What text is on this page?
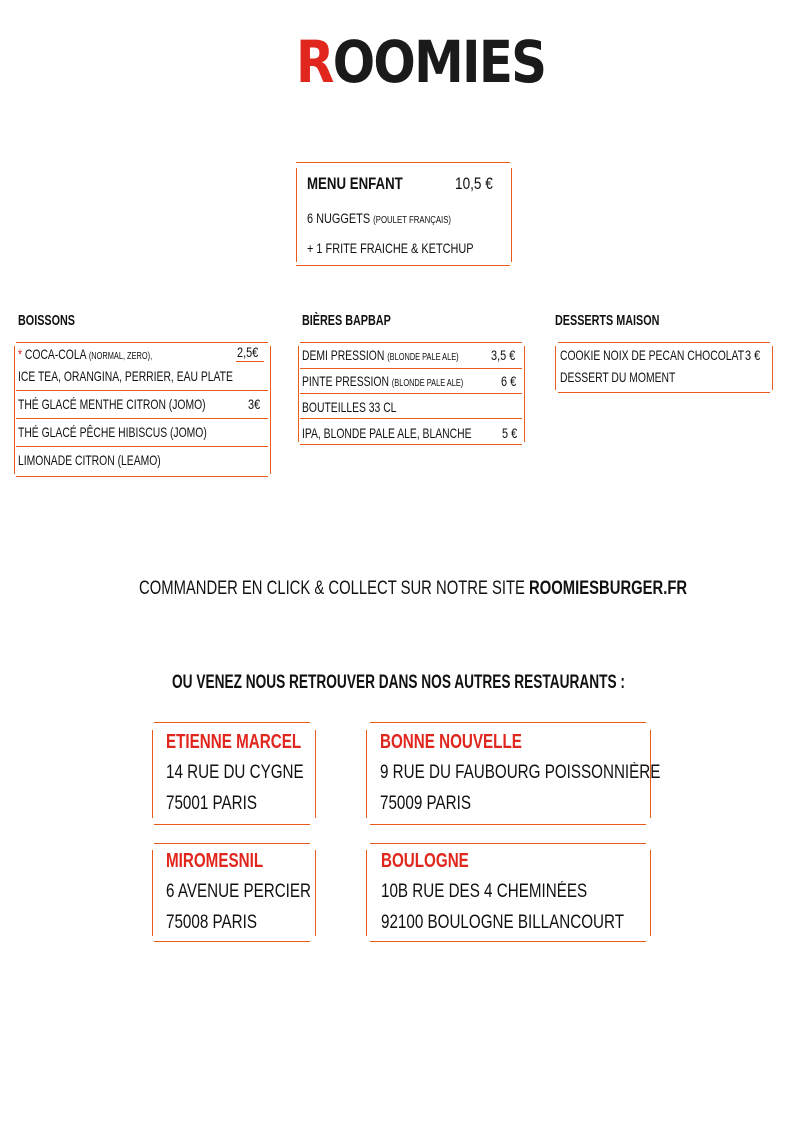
ROOMIES
MENU ENFANT	10,5 €
6 NUGGETS (POULET FRANÇAIS)
+ 1 FRITE FRAICHE & KETCHUP
BOISSONS
* COCA-COLA (NORMAL, ZERO),	2,5€
ICE TEA, ORANGINA, PERRIER, EAU PLATE
THÉ GLACÉ MENTHE CITRON (JOMO)	3€
THÉ GLACÉ PÊCHE HIBISCUS (JOMO)
LIMONADE CITRON (LEAMO)
BIÈRES BAPBAP
DEMI PRESSION (BLONDE PALE ALE) 3,5 €
PINTE PRESSION (BLONDE PALE ALE)	6 €
BOUTEILLES 33 CL
IPA, BLONDE PALE ALE, BLANCHE 5 €
DESSERTS MAISON
COOKIE NOIX DE PECAN CHOCOLAT 3 €
DESSERT DU MOMENT
COMMANDER EN CLICK & COLLECT SUR NOTRE SITE ROOMIESBURGER.FR
OU VENEZ NOUS RETROUVER DANS NOS AUTRES RESTAURANTS :
ETIENNE MARCEL
14 RUE DU CYGNE
75001 PARIS
BONNE NOUVELLE
9 RUE DU FAUBOURG POISSONNIÈRE
75009 PARIS
MIROMESNIL
6 AVENUE PERCIER
75008 PARIS
BOULOGNE
10B RUE DES 4 CHEMINÉES
92100 BOULOGNE BILLANCOURT
